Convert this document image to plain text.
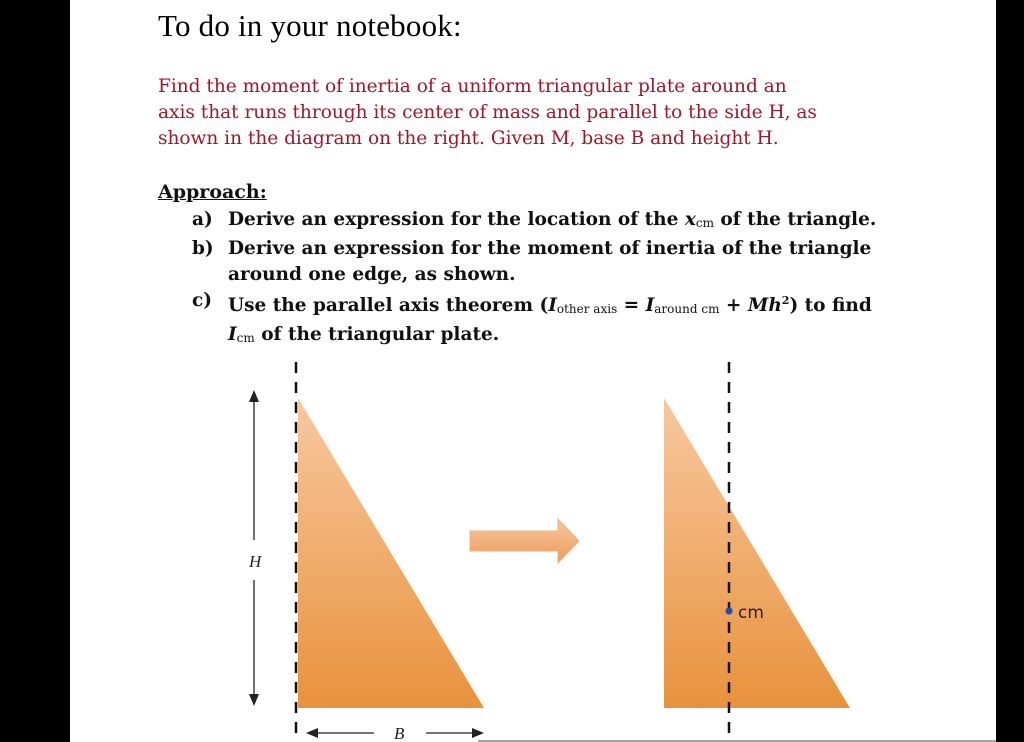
To do in your notebook:

Find the moment of inertia of a uniform triangular plate around an

axis that runs through its center of mass and parallel to the side H, as

shown in the diagram on the right. Given M, base B and height H.

Approach:
a) Derive an expression for the location of the xcm of the triangle.
b) Derive an expression for the moment of inertia of the triangle
around one edge, as shown.
c) Use the parallel axis theorem (Iother axis = Iaround cm + $Mh^2$) to find
Icm of the triangular plate.
H
B
cm
